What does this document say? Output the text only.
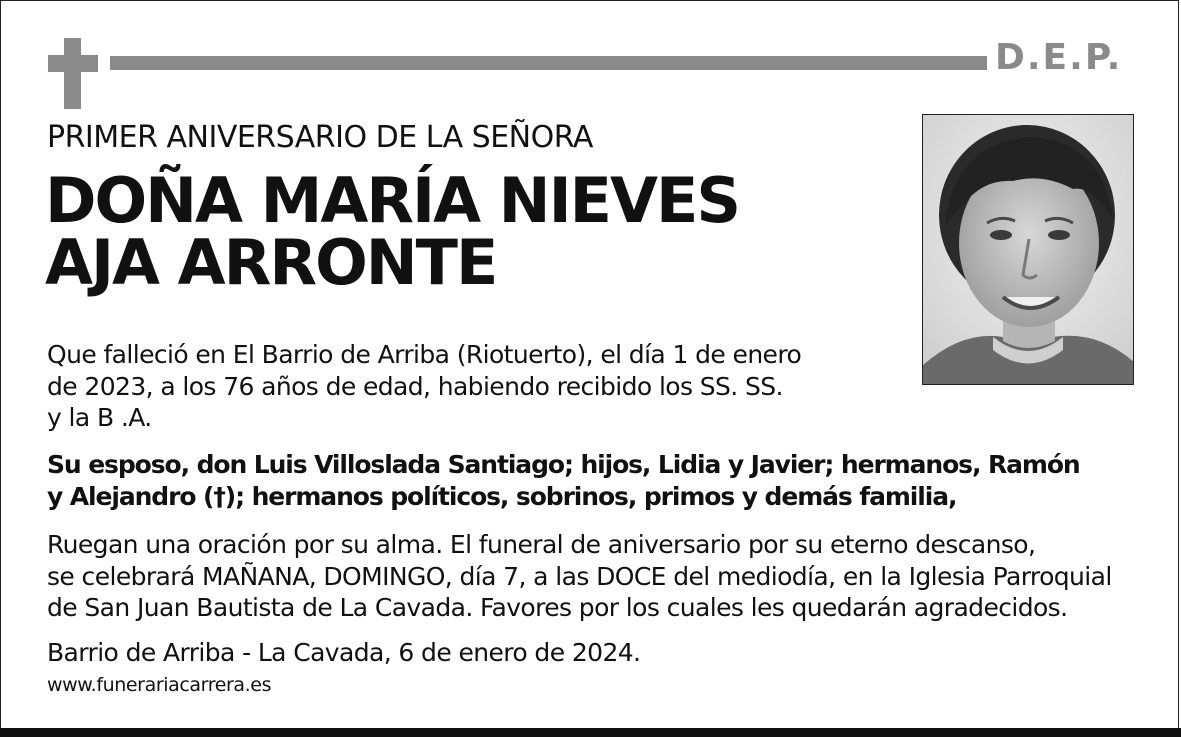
D.E.P.
PRIMER ANIVERSARIO DE LA SEÑORA
DOÑA MARÍA NIEVES
AJA ARRONTE
Que falleció en El Barrio de Arriba (Riotuerto), el día 1 de enero
de 2023, a los 76 años de edad, habiendo recibido los SS. SS.
y la B .A.
Su esposo, don Luis Villoslada Santiago; hijos, Lidia y Javier; hermanos, Ramón
y Alejandro (†); hermanos políticos, sobrinos, primos y demás familia,
Ruegan una oración por su alma. El funeral de aniversario por su eterno descanso,
se celebrará MAÑANA, DOMINGO, día 7, a las DOCE del mediodía, en la Iglesia Parroquial
de San Juan Bautista de La Cavada. Favores por los cuales les quedarán agradecidos.
Barrio de Arriba - La Cavada, 6 de enero de 2024.
www.funerariacarrera.es
